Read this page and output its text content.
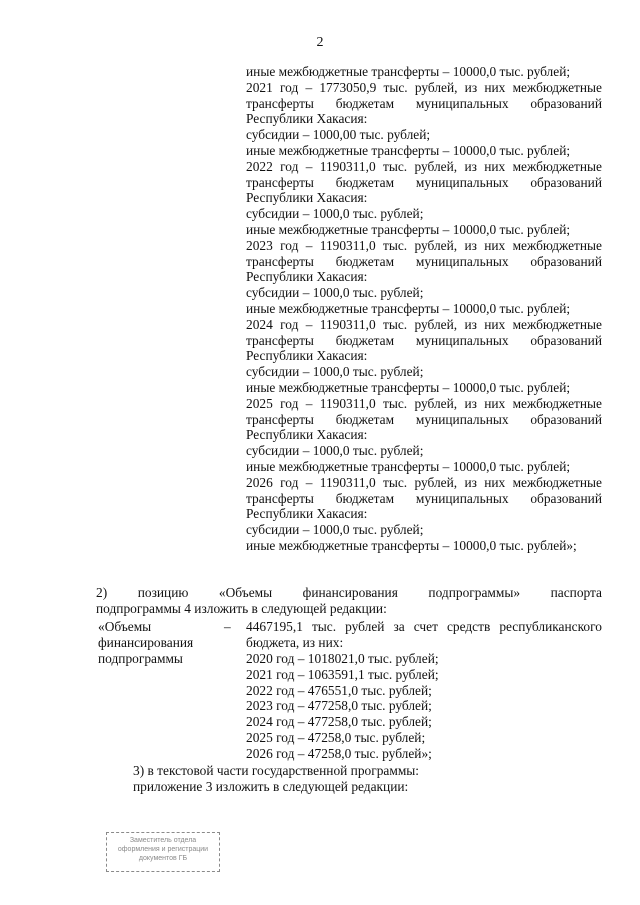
2
иные межбюджетные трансферты – 10000,0 тыс. рублей;
2021 год – 1773050,9 тыс. рублей, из них межбюджетные
трансферты бюджетам муниципальных образований
Республики Хакасия:
субсидии – 1000,00 тыс. рублей;
иные межбюджетные трансферты – 10000,0 тыс. рублей;
2022 год – 1190311,0 тыс. рублей, из них межбюджетные
трансферты бюджетам муниципальных образований
Республики Хакасия:
субсидии – 1000,0 тыс. рублей;
иные межбюджетные трансферты – 10000,0 тыс. рублей;
2023 год – 1190311,0 тыс. рублей, из них межбюджетные
трансферты бюджетам муниципальных образований
Республики Хакасия:
субсидии – 1000,0 тыс. рублей;
иные межбюджетные трансферты – 10000,0 тыс. рублей;
2024 год – 1190311,0 тыс. рублей, из них межбюджетные
трансферты бюджетам муниципальных образований
Республики Хакасия:
субсидии – 1000,0 тыс. рублей;
иные межбюджетные трансферты – 10000,0 тыс. рублей;
2025 год – 1190311,0 тыс. рублей, из них межбюджетные
трансферты бюджетам муниципальных образований
Республики Хакасия:
субсидии – 1000,0 тыс. рублей;
иные межбюджетные трансферты – 10000,0 тыс. рублей;
2026 год – 1190311,0 тыс. рублей, из них межбюджетные
трансферты бюджетам муниципальных образований
Республики Хакасия:
субсидии – 1000,0 тыс. рублей;
иные межбюджетные трансферты – 10000,0 тыс. рублей»;
2) позицию «Объемы финансирования подпрограммы» паспорта
подпрограммы 4 изложить в следующей редакции:
«Объемы
финансирования
подпрограммы
– 4467195,1 тыс. рублей за счет средств республиканского
бюджета, из них:
2020 год – 1018021,0 тыс. рублей;
2021 год – 1063591,1 тыс. рублей;
2022 год – 476551,0 тыс. рублей;
2023 год – 477258,0 тыс. рублей;
2024 год – 477258,0 тыс. рублей;
2025 год – 47258,0 тыс. рублей;
2026 год – 47258,0 тыс. рублей»;
3) в текстовой части государственной программы:
приложение 3 изложить в следующей редакции:
Заместитель отдела
оформления и регистрации
документов ГБ
